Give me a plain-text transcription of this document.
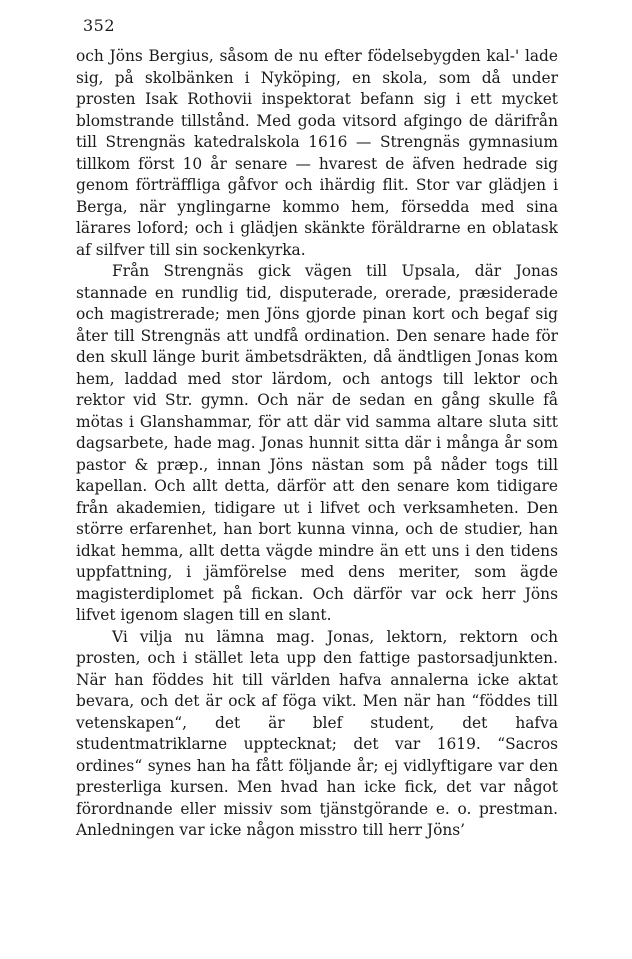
352

och Jöns Bergius, såsom de nu efter födelsebygden kal-' lade sig, på skolbänken i Nyköping, en skola, som då under prosten Isak Rothovii inspektorat befann sig i ett mycket blomstrande tillstånd. Med goda vitsord afgingo de därifrån till Strengnäs katedralskola 1616 — Strengnäs gymnasium tillkom först 10 år senare — hvarest de äfven hedrade sig genom förträffliga gåfvor och ihärdig flit. Stor var glädjen i Berga, när ynglingarne kommo hem, försedda med sina lärares loford; och i glädjen skänkte föräldrarne en oblatask af silfver till sin sockenkyrka.

Från Strengnäs gick vägen till Upsala, där Jonas stannade en rundlig tid, disputerade, orerade, præsiderade och magistrerade; men Jöns gjorde pinan kort och begaf sig åter till Strengnäs att undfå ordination. Den senare hade för den skull länge burit ämbetsdräkten, då ändtligen Jonas kom hem, laddad med stor lärdom, och antogs till lektor och rektor vid Str. gymn. Och när de sedan en gång skulle få mötas i Glanshammar, för att där vid samma altare sluta sitt dagsarbete, hade mag. Jonas hunnit sitta där i många år som pastor & præp., innan Jöns nästan som på nåder togs till kapellan. Och allt detta, därför att den senare kom tidigare från akademien, tidigare ut i lifvet och verksamheten. Den större erfarenhet, han bort kunna vinna, och de studier, han idkat hemma, allt detta vägde mindre än ett uns i den tidens uppfattning, i jämförelse med dens meriter, som ägde magisterdiplomet på fickan. Och därför var ock herr Jöns lifvet igenom slagen till en slant.

Vi vilja nu lämna mag. Jonas, lektorn, rektorn och prosten, och i stället leta upp den fattige pastorsadjunkten. När han föddes hit till världen hafva annalerna icke aktat bevara, och det är ock af föga vikt. Men när han “föddes till vetenskapen“, det är blef student, det hafva studentmatriklarne upptecknat; det var 1619. “Sacros ordines“ synes han ha fått följande år; ej vidlyftigare var den presterliga kursen. Men hvad han icke fick, det var något förordnande eller missiv som tjänstgörande e. o. prestman. Anledningen var icke någon misstro till herr Jöns’
